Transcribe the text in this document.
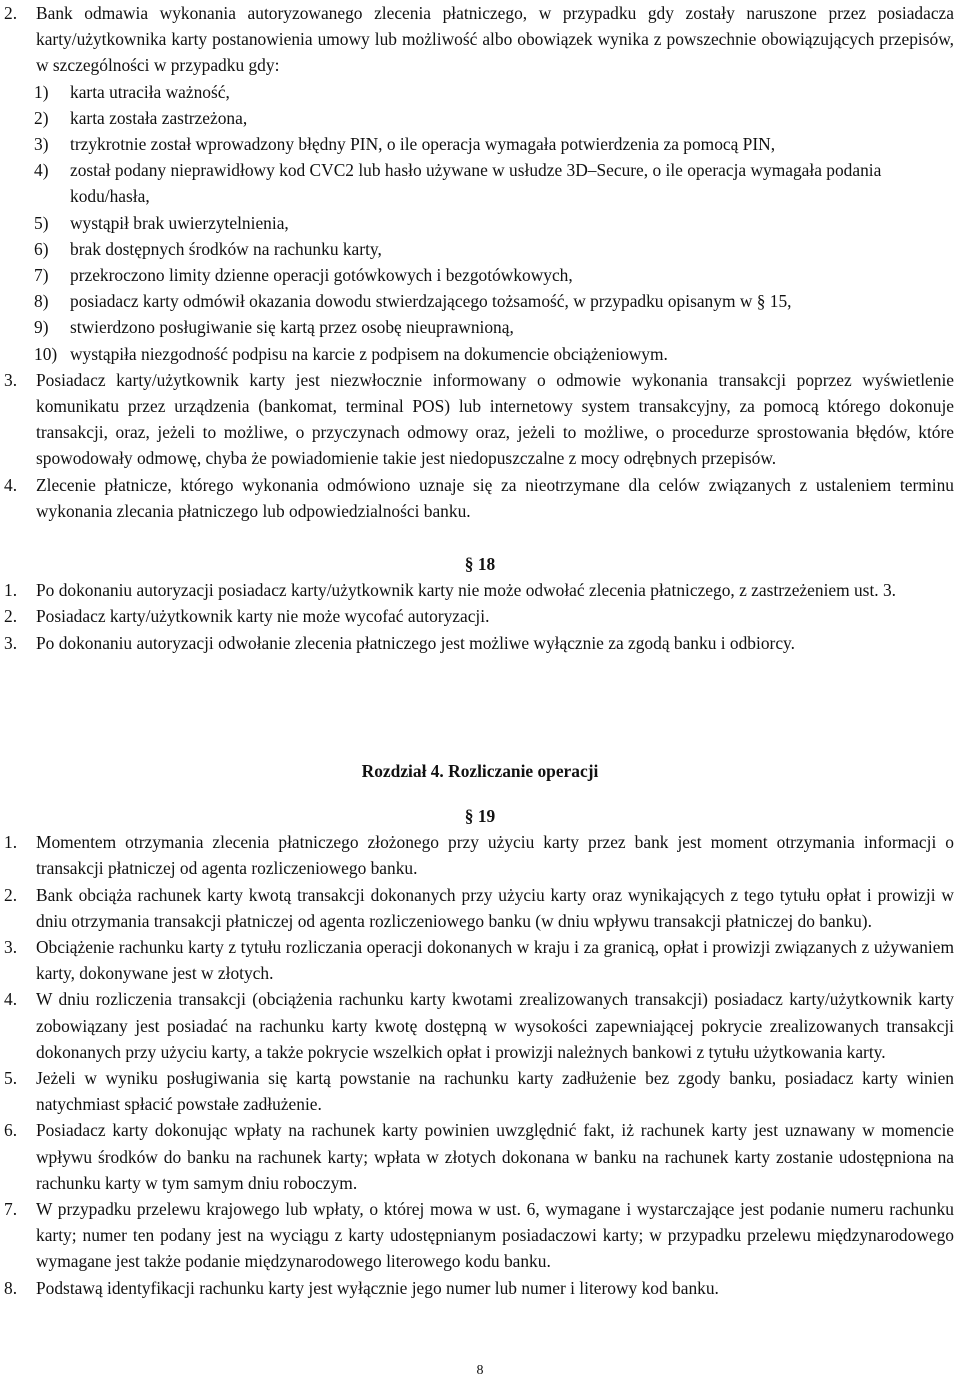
2. Bank odmawia wykonania autoryzowanego zlecenia płatniczego, w przypadku gdy zostały naruszone przez posiadacza karty/użytkownika karty postanowienia umowy lub możliwość albo obowiązek wynika z powszechnie obowiązujących przepisów, w szczególności w przypadku gdy:
1) karta utraciła ważność,
2) karta została zastrzeżona,
3) trzykrotnie został wprowadzony błędny PIN, o ile operacja wymagała potwierdzenia za pomocą PIN,
4) został podany nieprawidłowy kod CVC2 lub hasło używane w usłudze 3D–Secure, o ile operacja wymagała podania kodu/hasła,
5) wystąpił brak uwierzytelnienia,
6) brak dostępnych środków na rachunku karty,
7) przekroczono limity dzienne operacji gotówkowych i bezgotówkowych,
8) posiadacz karty odmówił okazania dowodu stwierdzającego tożsamość, w przypadku opisanym w § 15,
9) stwierdzono posługiwanie się kartą przez osobę nieuprawnioną,
10) wystąpiła niezgodność podpisu na karcie z podpisem na dokumencie obciążeniowym.
3. Posiadacz karty/użytkownik karty jest niezwłocznie informowany o odmowie wykonania transakcji poprzez wyświetlenie komunikatu przez urządzenia (bankomat, terminal POS) lub internetowy system transakcyjny, za pomocą którego dokonuje transakcji, oraz, jeżeli to możliwe, o przyczynach odmowy oraz, jeżeli to możliwe, o procedurze sprostowania błędów, które spowodowały odmowę, chyba że powiadomienie takie jest niedopuszczalne z mocy odrębnych przepisów.
4. Zlecenie płatnicze, którego wykonania odmówiono uznaje się za nieotrzymane dla celów związanych z ustaleniem terminu wykonania zlecania płatniczego lub odpowiedzialności banku.
§ 18
1. Po dokonaniu autoryzacji posiadacz karty/użytkownik karty nie może odwołać zlecenia płatniczego, z zastrzeżeniem ust. 3.
2. Posiadacz karty/użytkownik karty nie może wycofać autoryzacji.
3. Po dokonaniu autoryzacji odwołanie zlecenia płatniczego jest możliwe wyłącznie za zgodą banku i odbiorcy.
Rozdział 4. Rozliczanie operacji
§ 19
1. Momentem otrzymania zlecenia płatniczego złożonego przy użyciu karty przez bank jest moment otrzymania informacji o transakcji płatniczej od agenta rozliczeniowego banku.
2. Bank obciąża rachunek karty kwotą transakcji dokonanych przy użyciu karty oraz wynikających z tego tytułu opłat i prowizji w dniu otrzymania transakcji płatniczej od agenta rozliczeniowego banku (w dniu wpływu transakcji płatniczej do banku).
3. Obciążenie rachunku karty z tytułu rozliczania operacji dokonanych w kraju i za granicą, opłat i prowizji związanych z używaniem karty, dokonywane jest w złotych.
4. W dniu rozliczenia transakcji (obciążenia rachunku karty kwotami zrealizowanych transakcji) posiadacz karty/użytkownik karty zobowiązany jest posiadać na rachunku karty kwotę dostępną w wysokości zapewniającej pokrycie zrealizowanych transakcji dokonanych przy użyciu karty, a także pokrycie wszelkich opłat i prowizji należnych bankowi z tytułu użytkowania karty.
5. Jeżeli w wyniku posługiwania się kartą powstanie na rachunku karty zadłużenie bez zgody banku, posiadacz karty winien natychmiast spłacić powstałe zadłużenie.
6. Posiadacz karty dokonując wpłaty na rachunek karty powinien uwzględnić fakt, iż rachunek karty jest uznawany w momencie wpływu środków do banku na rachunek karty; wpłata w złotych dokonana w banku na rachunek karty zostanie udostępniona na rachunku karty w tym samym dniu roboczym.
7. W przypadku przelewu krajowego lub wpłaty, o której mowa w ust. 6, wymagane i wystarczające jest podanie numeru rachunku karty; numer ten podany jest na wyciągu z karty udostępnianym posiadaczowi karty; w przypadku przelewu międzynarodowego wymagane jest także podanie międzynarodowego literowego kodu banku.
8. Podstawą identyfikacji rachunku karty jest wyłącznie jego numer lub numer i literowy kod banku.
8
